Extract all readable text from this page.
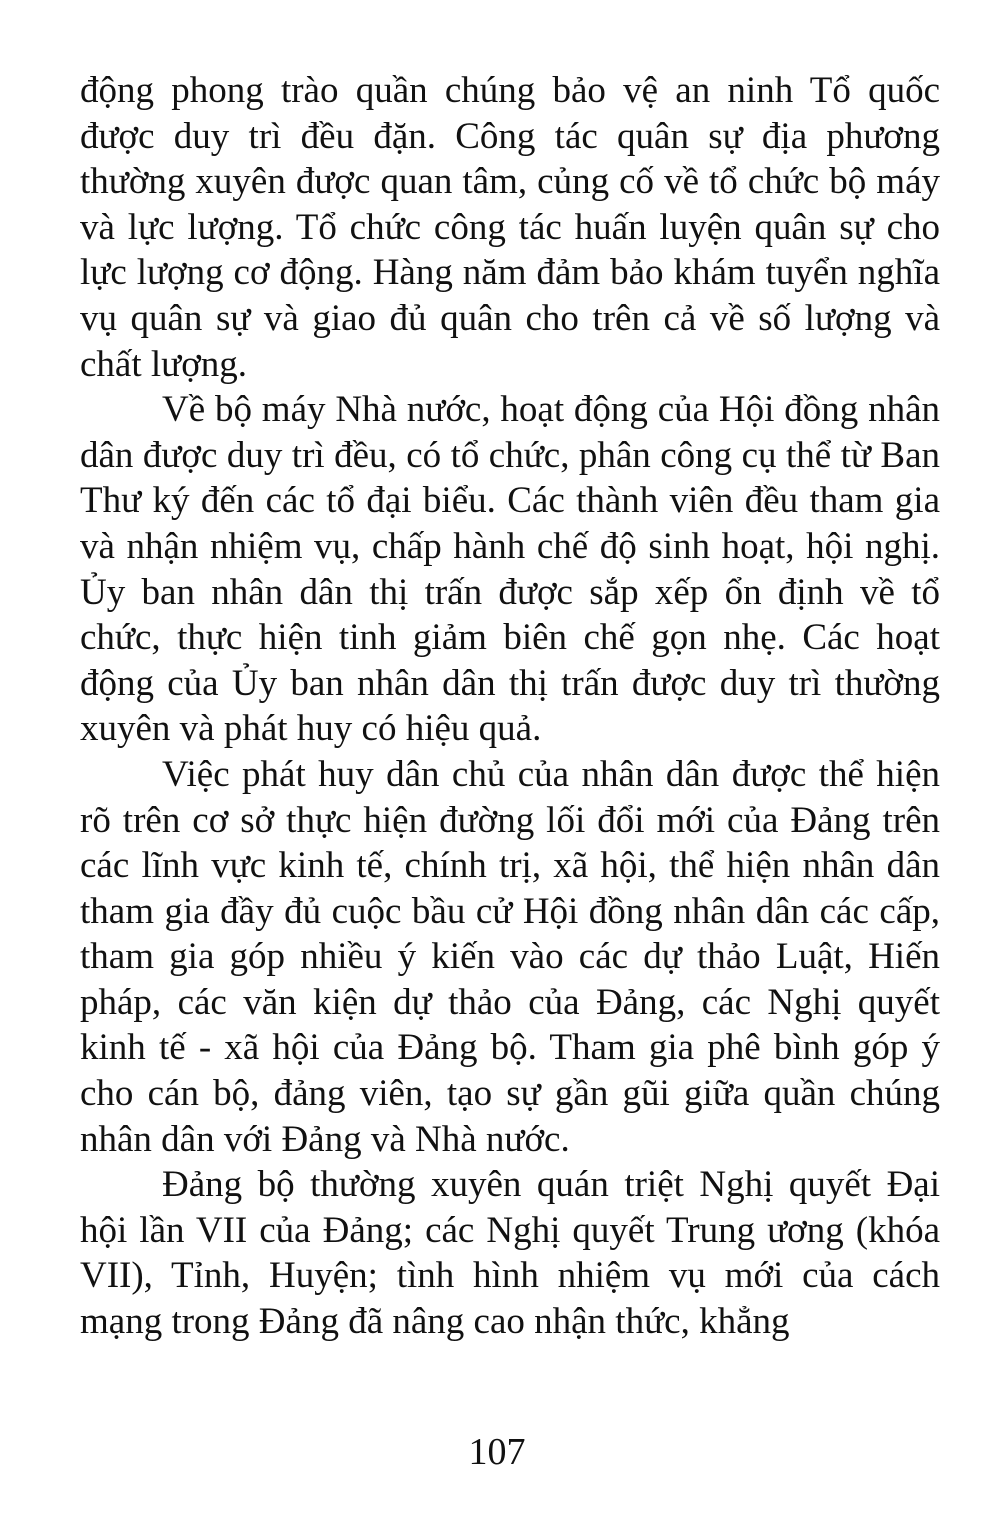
động phong trào quần chúng bảo vệ an ninh Tổ quốc được duy trì đều đặn. Công tác quân sự địa phương thường xuyên được quan tâm, củng cố về tổ chức bộ máy và lực lượng. Tổ chức công tác huấn luyện quân sự cho lực lượng cơ động. Hàng năm đảm bảo khám tuyển nghĩa vụ quân sự và giao đủ quân cho trên cả về số lượng và chất lượng.

Về bộ máy Nhà nước, hoạt động của Hội đồng nhân dân được duy trì đều, có tổ chức, phân công cụ thể từ Ban Thư ký đến các tổ đại biểu. Các thành viên đều tham gia và nhận nhiệm vụ, chấp hành chế độ sinh hoạt, hội nghị. Ủy ban nhân dân thị trấn được sắp xếp ổn định về tổ chức, thực hiện tinh giảm biên chế gọn nhẹ. Các hoạt động của Ủy ban nhân dân thị trấn được duy trì thường xuyên và phát huy có hiệu quả.

Việc phát huy dân chủ của nhân dân được thể hiện rõ trên cơ sở thực hiện đường lối đổi mới của Đảng trên các lĩnh vực kinh tế, chính trị, xã hội, thể hiện nhân dân tham gia đầy đủ cuộc bầu cử Hội đồng nhân dân các cấp, tham gia góp nhiều ý kiến vào các dự thảo Luật, Hiến pháp, các văn kiện dự thảo của Đảng, các Nghị quyết kinh tế - xã hội của Đảng bộ. Tham gia phê bình góp ý cho cán bộ, đảng viên, tạo sự gần gũi giữa quần chúng nhân dân với Đảng và Nhà nước.

Đảng bộ thường xuyên quán triệt Nghị quyết Đại hội lần VII của Đảng; các Nghị quyết Trung ương (khóa VII), Tỉnh, Huyện; tình hình nhiệm vụ mới của cách mạng trong Đảng đã nâng cao nhận thức, khẳng

107
